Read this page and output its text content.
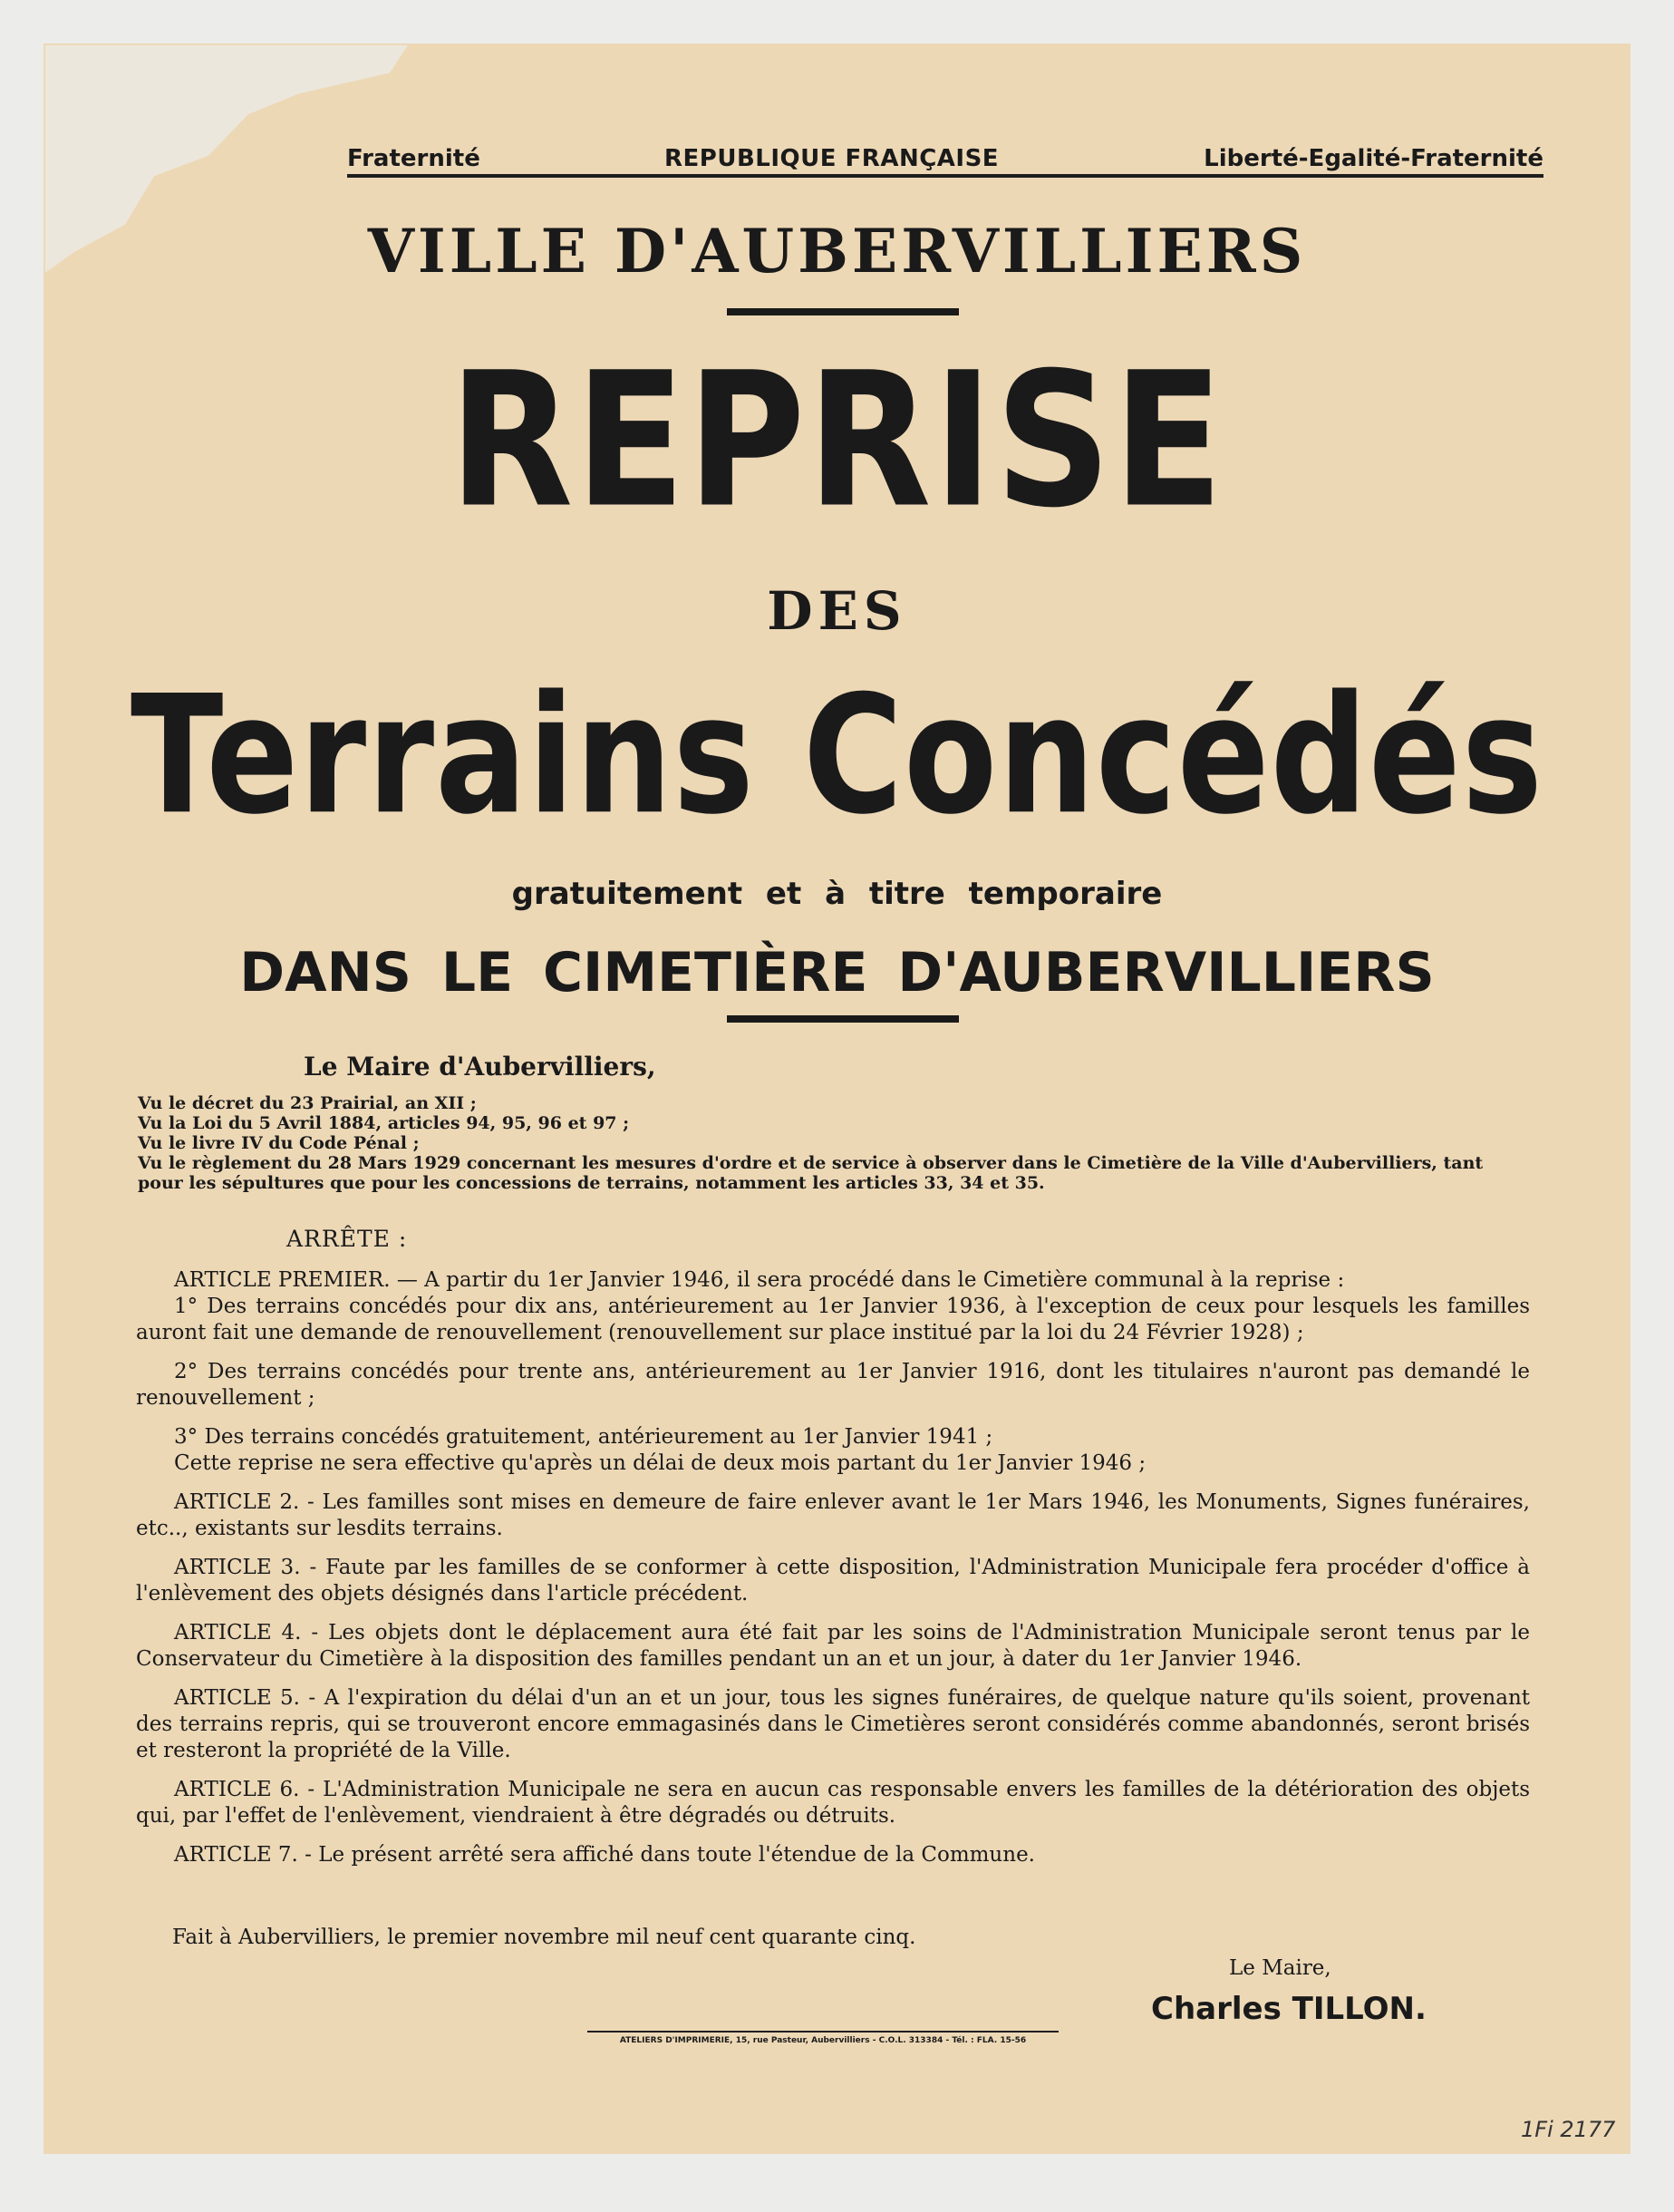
Fraternité	REPUBLIQUE FRANÇAISE	Liberté-Egalité-Fraternité
VILLE D'AUBERVILLIERS
REPRISE
DES
Terrains Concédés
gratuitement et à titre temporaire
DANS LE CIMETIÈRE D'AUBERVILLIERS
Le Maire d'Aubervilliers,

Vu le décret du 23 Prairial, an XII ;

Vu la Loi du 5 Avril 1884, articles 94, 95, 96 et 97 ;

Vu le livre IV du Code Pénal ;

Vu le règlement du 28 Mars 1929 concernant les mesures d'ordre et de service à observer dans le Cimetière de la Ville d'Aubervilliers, tant pour les sépultures que pour les concessions de terrains, notamment les articles 33, 34 et 35.

ARRÊTE :

ARTICLE PREMIER. — A partir du 1er Janvier 1946, il sera procédé dans le Cimetière communal à la reprise :

1° Des terrains concédés pour dix ans, antérieurement au 1er Janvier 1936, à l'exception de ceux pour lesquels les familles auront fait une demande de renouvellement (renouvellement sur place institué par la loi du 24 Février 1928) ;

2° Des terrains concédés pour trente ans, antérieurement au 1er Janvier 1916, dont les titulaires n'auront pas demandé le renouvellement ;

3° Des terrains concédés gratuitement, antérieurement au 1er Janvier 1941 ;

Cette reprise ne sera effective qu'après un délai de deux mois partant du 1er Janvier 1946 ;

ARTICLE 2. - Les familles sont mises en demeure de faire enlever avant le 1er Mars 1946, les Monuments, Signes funéraires, etc.., existants sur lesdits terrains.

ARTICLE 3. - Faute par les familles de se conformer à cette disposition, l'Administration Municipale fera procéder d'office à l'enlèvement des objets désignés dans l'article précédent.

ARTICLE 4. - Les objets dont le déplacement aura été fait par les soins de l'Administration Municipale seront tenus par le Conservateur du Cimetière à la disposition des familles pendant un an et un jour, à dater du 1er Janvier 1946.

ARTICLE 5. - A l'expiration du délai d'un an et un jour, tous les signes funéraires, de quelque nature qu'ils soient, provenant des terrains repris, qui se trouveront encore emmagasinés dans le Cimetières seront considérés comme abandonnés, seront brisés et resteront la propriété de la Ville.

ARTICLE 6. - L'Administration Municipale ne sera en aucun cas responsable envers les familles de la détérioration des objets qui, par l'effet de l'enlèvement, viendraient à être dégradés ou détruits.

ARTICLE 7. - Le présent arrêté sera affiché dans toute l'étendue de la Commune.

Fait à Aubervilliers, le premier novembre mil neuf cent quarante cinq.
Le Maire,
Charles TILLON.
ATELIERS D'IMPRIMERIE, 15, rue Pasteur, Aubervilliers - C.O.L. 313384 - Tél. : FLA. 15-56
1Fi 2177
